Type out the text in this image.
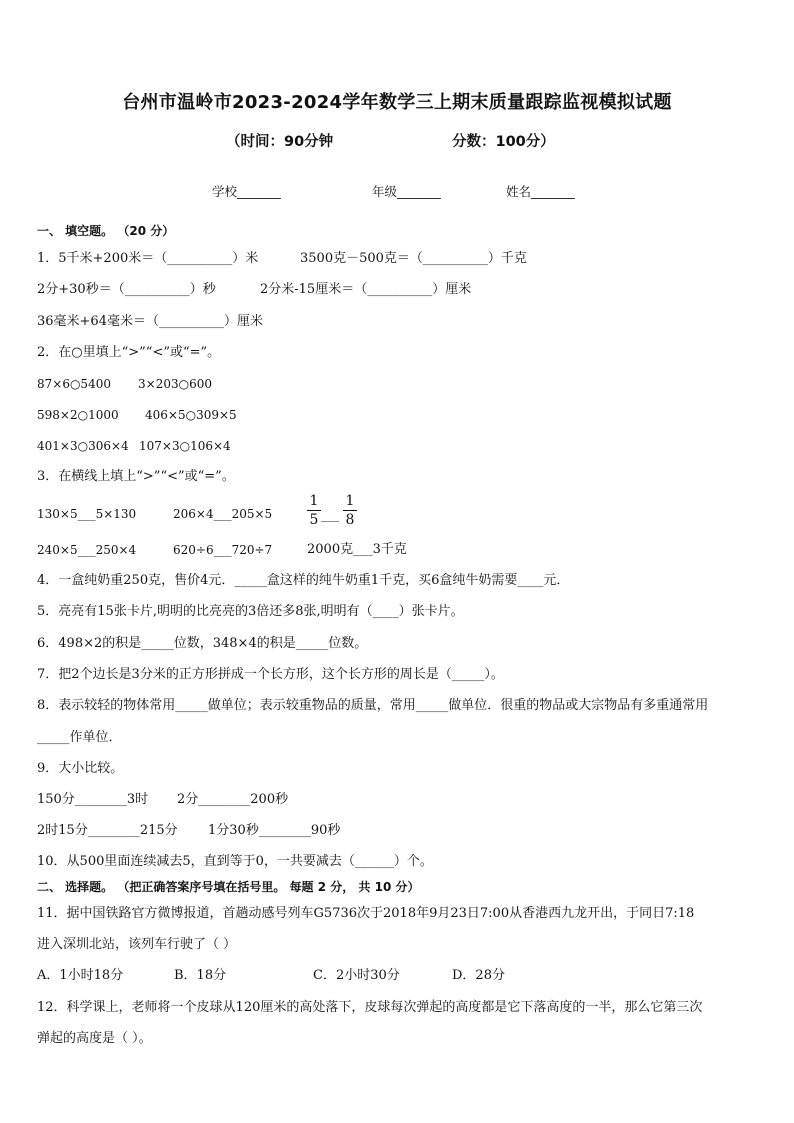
台州市温岭市2023-2024学年数学三上期末质量跟踪监视模拟试题
（时间：90分钟	分数：100分）
学校_______	年级_______	姓名_______
一、 填空题。 （20 分）
1．5千米+200米＝（__________）米	3500克－500克＝（__________）千克
2分+30秒＝（__________）秒	2分米-15厘米＝（__________）厘米
36毫米+64毫米＝（__________）厘米
2．在○里填上“>”“<”或“=”。
87×6○5400 3×203○600
598×2○1000 406×5○309×5
401×3○306×4 107×3○106×4
3．在横线上填上“>”“<”或“=”。
130×5___5×130	206×4___205×5
1
5 ___
1
8
240×5___250×4	620÷6___720÷7	2000克___3千克
4．一盒纯奶重250克，售价4元．_____盒这样的纯牛奶重1千克，买6盒纯牛奶需要____元．
5．亮亮有15张卡片,明明的比亮亮的3倍还多8张,明明有（____）张卡片。
6．498×2的积是_____位数，348×4的积是_____位数。
7．把2个边长是3分米的正方形拼成一个长方形，这个长方形的周长是（_____）。
8．表示较轻的物体常用_____做单位；表示较重物品的质量，常用_____做单位．很重的物品或大宗物品有多重通常用
_____作单位．
9．大小比较。
150分________3时 2分________200秒
2时15分________215分 1分30秒________90秒
10．从500里面连续减去5，直到等于0，一共要减去（______）个。
二、 选择题。 （把正确答案序号填在括号里。 每题 2 分， 共 10 分）
11．据中国铁路官方微博报道，首趟动感号列车G5736次于2018年9月23日7:00从香港西九龙开出，于同日7:18
进入深圳北站，该列车行驶了（ ）
A．1小时18分	B．18分	C．2小时30分	D．28分
12．科学课上，老师将一个皮球从120厘米的高处落下，皮球每次弹起的高度都是它下落高度的一半，那么它第三次
弹起的高度是（ ）。
